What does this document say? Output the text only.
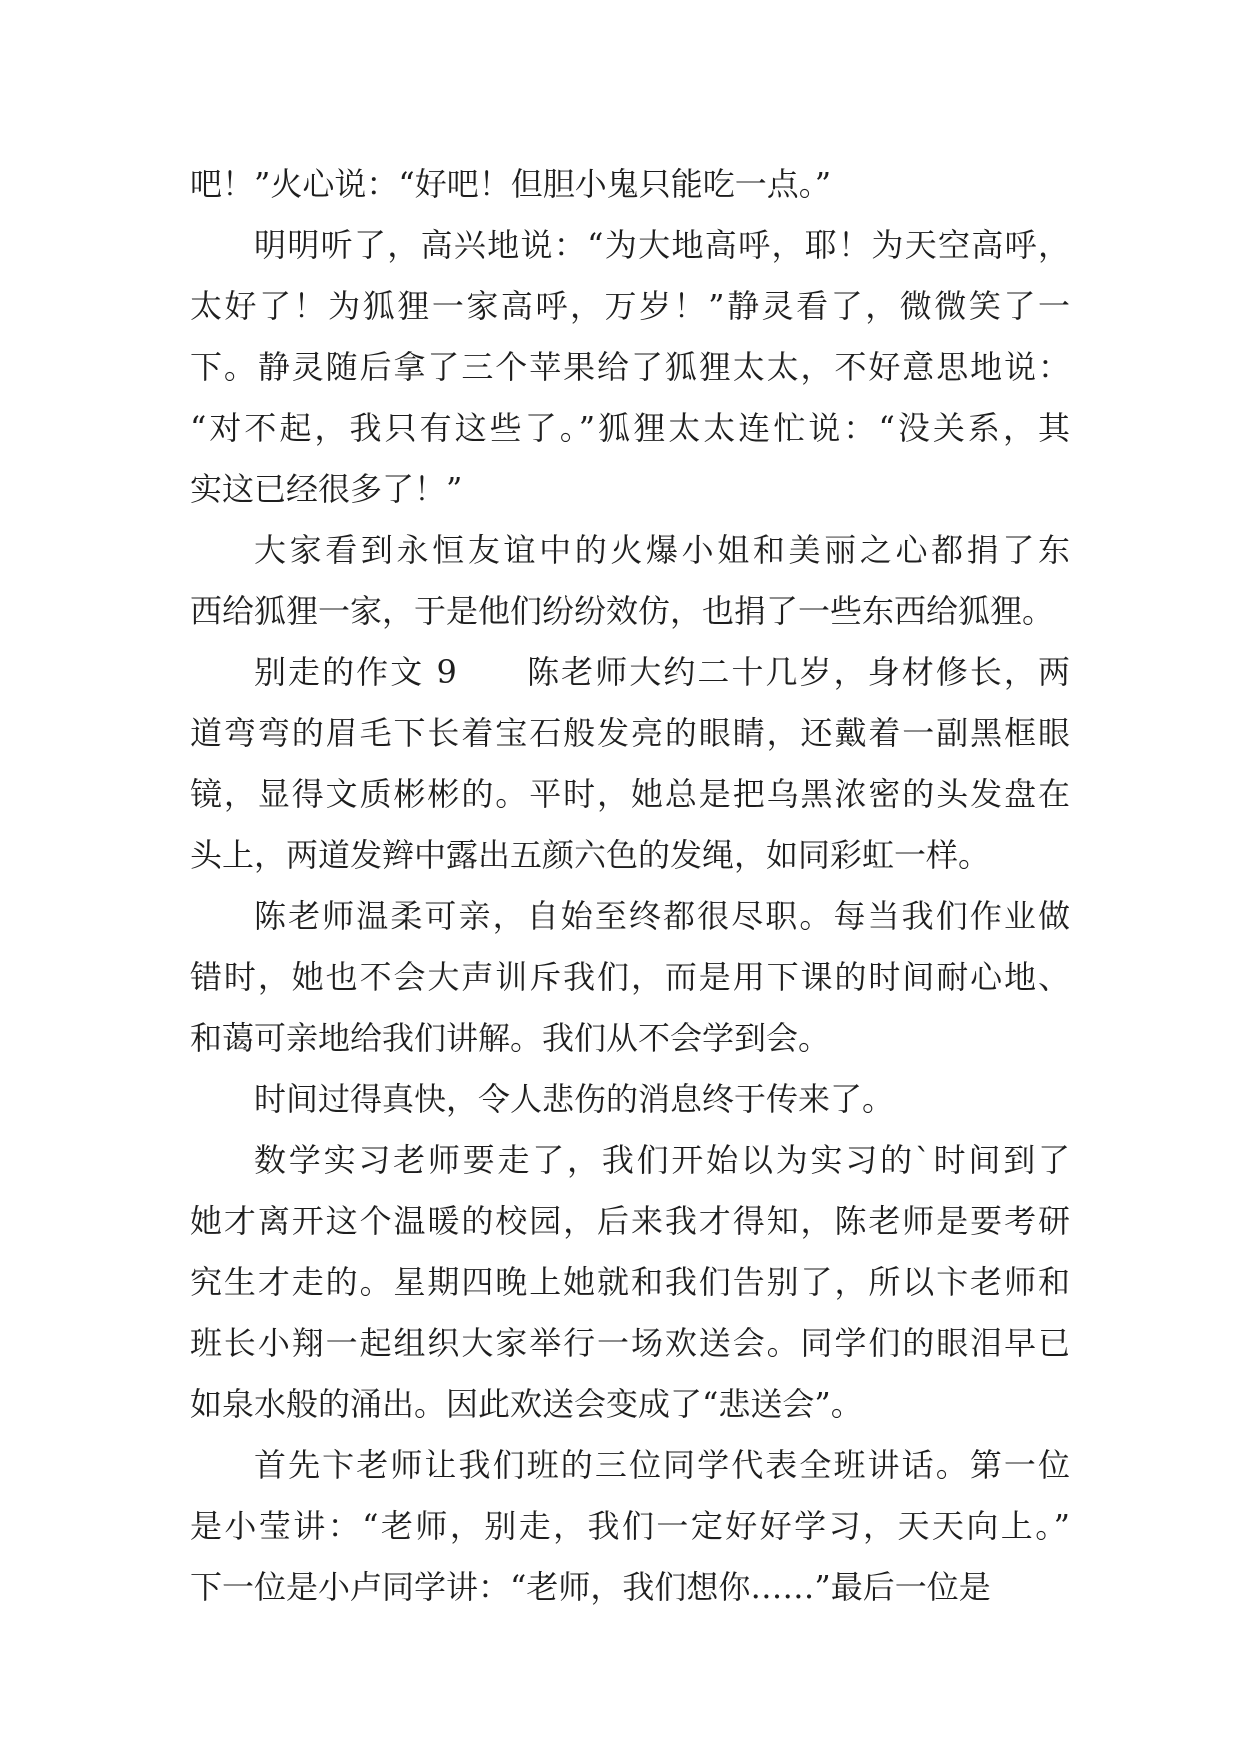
吧！”火心说：“好吧！但胆小鬼只能吃一点。”
明明听了，高兴地说：“为大地高呼，耶！为天空高呼，
太好了！为狐狸一家高呼，万岁！”静灵看了，微微笑了一
下。静灵随后拿了三个苹果给了狐狸太太，不好意思地说：
“对不起，我只有这些了。”狐狸太太连忙说：“没关系，其
实这已经很多了！”
大家看到永恒友谊中的火爆小姐和美丽之心都捐了东
西给狐狸一家，于是他们纷纷效仿，也捐了一些东西给狐狸。
别走的作文 9　　陈老师大约二十几岁，身材修长，两
道弯弯的眉毛下长着宝石般发亮的眼睛，还戴着一副黑框眼
镜，显得文质彬彬的。平时，她总是把乌黑浓密的头发盘在
头上，两道发辫中露出五颜六色的发绳，如同彩虹一样。
陈老师温柔可亲，自始至终都很尽职。每当我们作业做
错时，她也不会大声训斥我们，而是用下课的时间耐心地、
和蔼可亲地给我们讲解。我们从不会学到会。
时间过得真快，令人悲伤的消息终于传来了。
数学实习老师要走了，我们开始以为实习的`时间到了
她才离开这个温暖的校园，后来我才得知，陈老师是要考研
究生才走的。星期四晚上她就和我们告别了，所以卞老师和
班长小翔一起组织大家举行一场欢送会。同学们的眼泪早已
如泉水般的涌出。因此欢送会变成了“悲送会”。
首先卞老师让我们班的三位同学代表全班讲话。第一位
是小莹讲：“老师，别走，我们一定好好学习，天天向上。”
下一位是小卢同学讲：“老师，我们想你……”最后一位是
